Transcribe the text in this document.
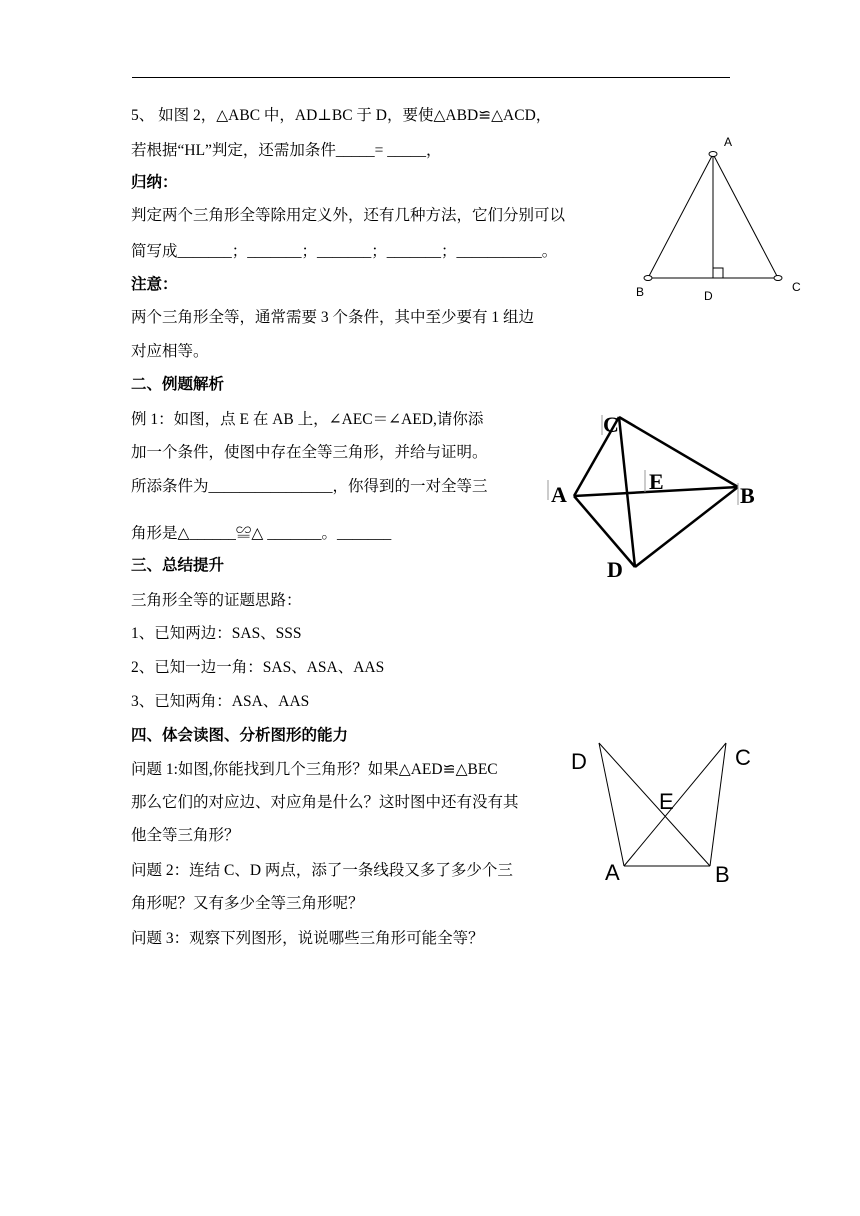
5、 如图 2，△ABC 中，AD⊥BC 于 D，要使△ABD≌△ACD，
若根据“HL”判定，还需加条件_____= _____，
归纳：
判定两个三角形全等除用定义外，还有几种方法，它们分别可以
简写成_______；_______；_______；_______；___________。
注意：
两个三角形全等，通常需要 3 个条件，其中至少要有 1 组边
对应相等。
二、例题解析
例 1：如图，点 E 在 AB 上，∠AEC＝∠AED,请你添
加一个条件，使图中存在全等三角形，并给与证明。
所添条件为________________，你得到的一对全等三
角形是△______≌△ _______。_______
三、总结提升
三角形全等的证题思路：
1、已知两边：SAS、SSS
2、已知一边一角：SAS、ASA、AAS
3、已知两角：ASA、AAS
四、体会读图、分析图形的能力
问题 1:如图,你能找到几个三角形？如果△AED≌△BEC
那么它们的对应边、对应角是什么？这时图中还有没有其
他全等三角形？
问题 2：连结 C、D 两点，添了一条线段又多了多少个三
角形呢？又有多少全等三角形呢？
问题 3：观察下列图形，说说哪些三角形可能全等？
A
B	D
C
C
A
E
B
D
D	C
E
A	B
